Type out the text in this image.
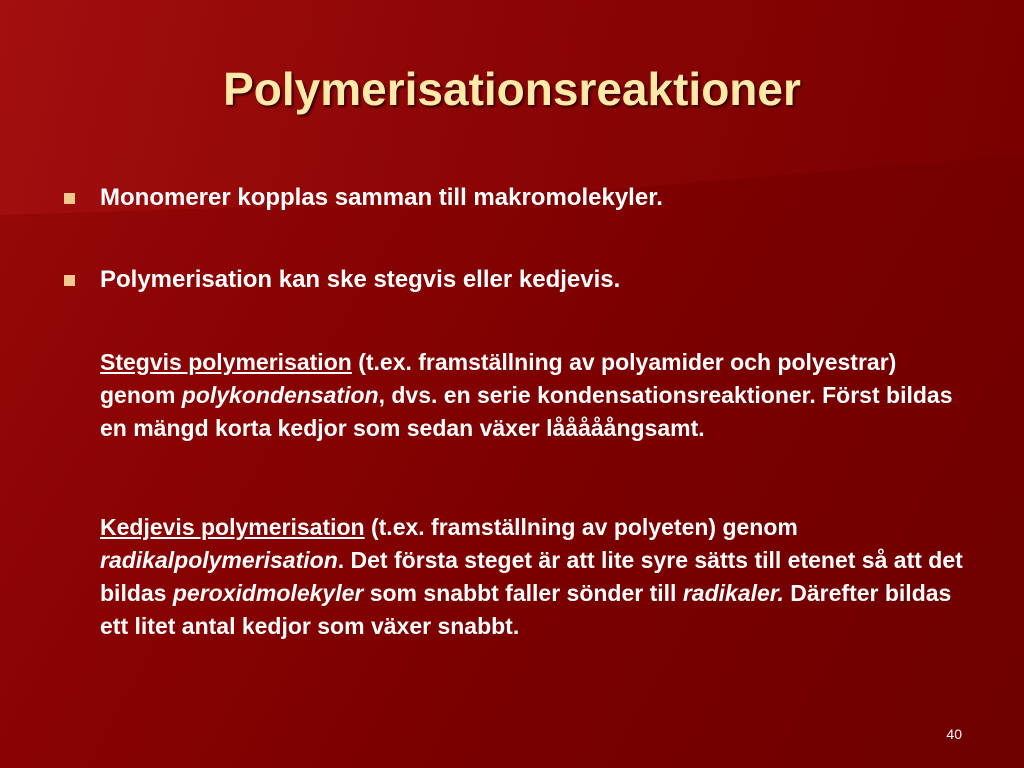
Polymerisationsreaktioner
Monomerer kopplas samman till makromolekyler.
Polymerisation kan ske stegvis eller kedjevis.
Stegvis polymerisation (t.ex. framställning av polyamider och polyestrar) genom polykondensation, dvs. en serie kondensationsreaktioner. Först bildas en mängd korta kedjor som sedan växer lååååångsamt.
Kedjevis polymerisation (t.ex. framställning av polyeten) genom radikalpolymerisation. Det första steget är att lite syre sätts till etenet så att det bildas peroxidmolekyler som snabbt faller sönder till radikaler. Därefter bildas ett litet antal kedjor som växer snabbt.
40
